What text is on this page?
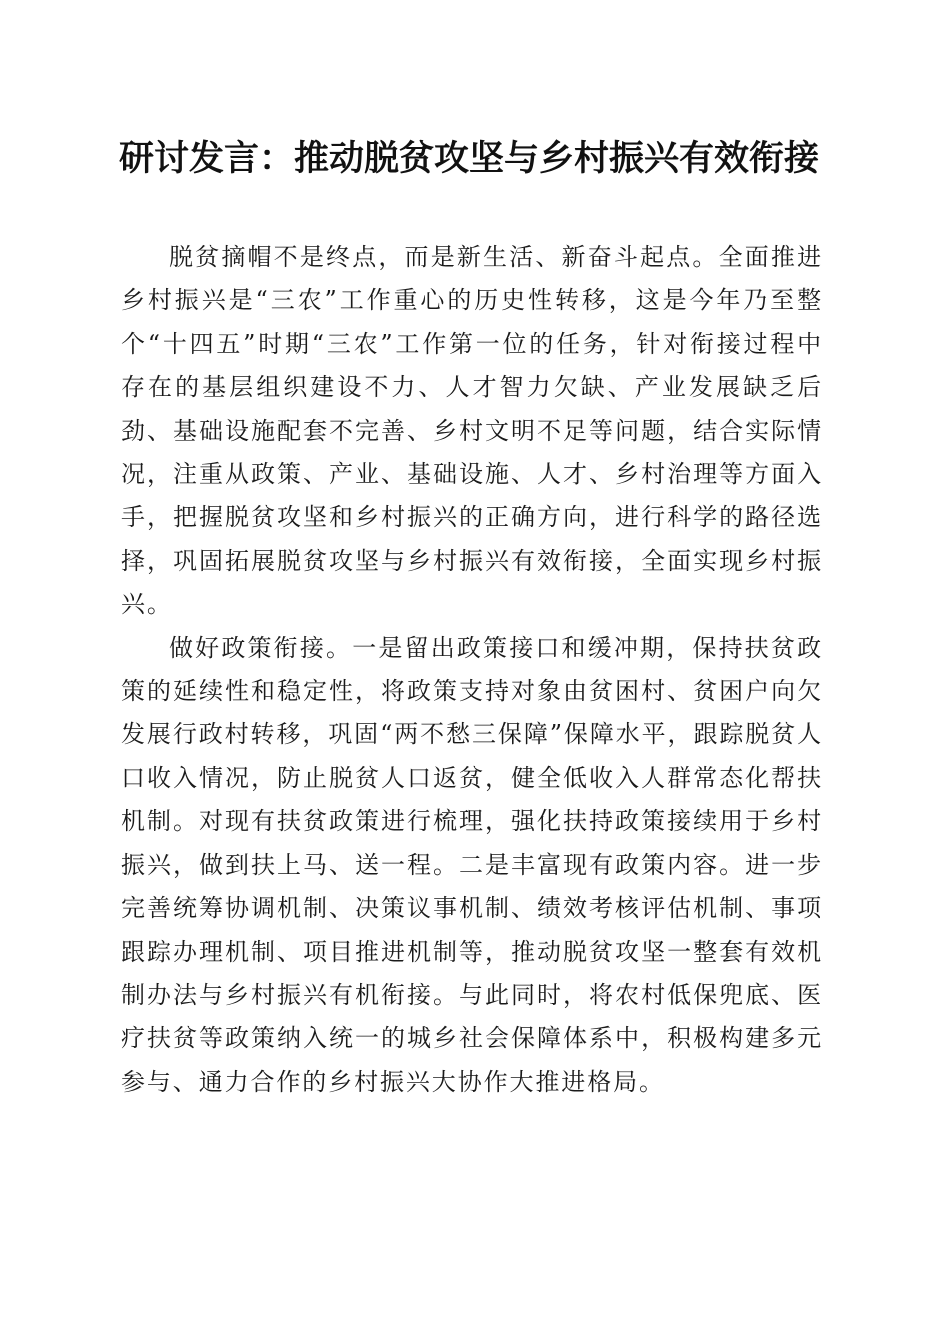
研讨发言：推动脱贫攻坚与乡村振兴有效衔接

脱贫摘帽不是终点，而是新生活、新奋斗起点。全面推进乡村振兴是“三农”工作重心的历史性转移，这是今年乃至整个“十四五”时期“三农”工作第一位的任务，针对衔接过程中存在的基层组织建设不力、人才智力欠缺、产业发展缺乏后劲、基础设施配套不完善、乡村文明不足等问题，结合实际情况，注重从政策、产业、基础设施、人才、乡村治理等方面入手，把握脱贫攻坚和乡村振兴的正确方向，进行科学的路径选择，巩固拓展脱贫攻坚与乡村振兴有效衔接，全面实现乡村振兴。

做好政策衔接。一是留出政策接口和缓冲期，保持扶贫政策的延续性和稳定性，将政策支持对象由贫困村、贫困户向欠发展行政村转移，巩固“两不愁三保障”保障水平，跟踪脱贫人口收入情况，防止脱贫人口返贫，健全低收入人群常态化帮扶机制。对现有扶贫政策进行梳理，强化扶持政策接续用于乡村振兴，做到扶上马、送一程。二是丰富现有政策内容。进一步完善统筹协调机制、决策议事机制、绩效考核评估机制、事项跟踪办理机制、项目推进机制等，推动脱贫攻坚一整套有效机制办法与乡村振兴有机衔接。与此同时，将农村低保兜底、医疗扶贫等政策纳入统一的城乡社会保障体系中，积极构建多元参与、通力合作的乡村振兴大协作大推进格局。
